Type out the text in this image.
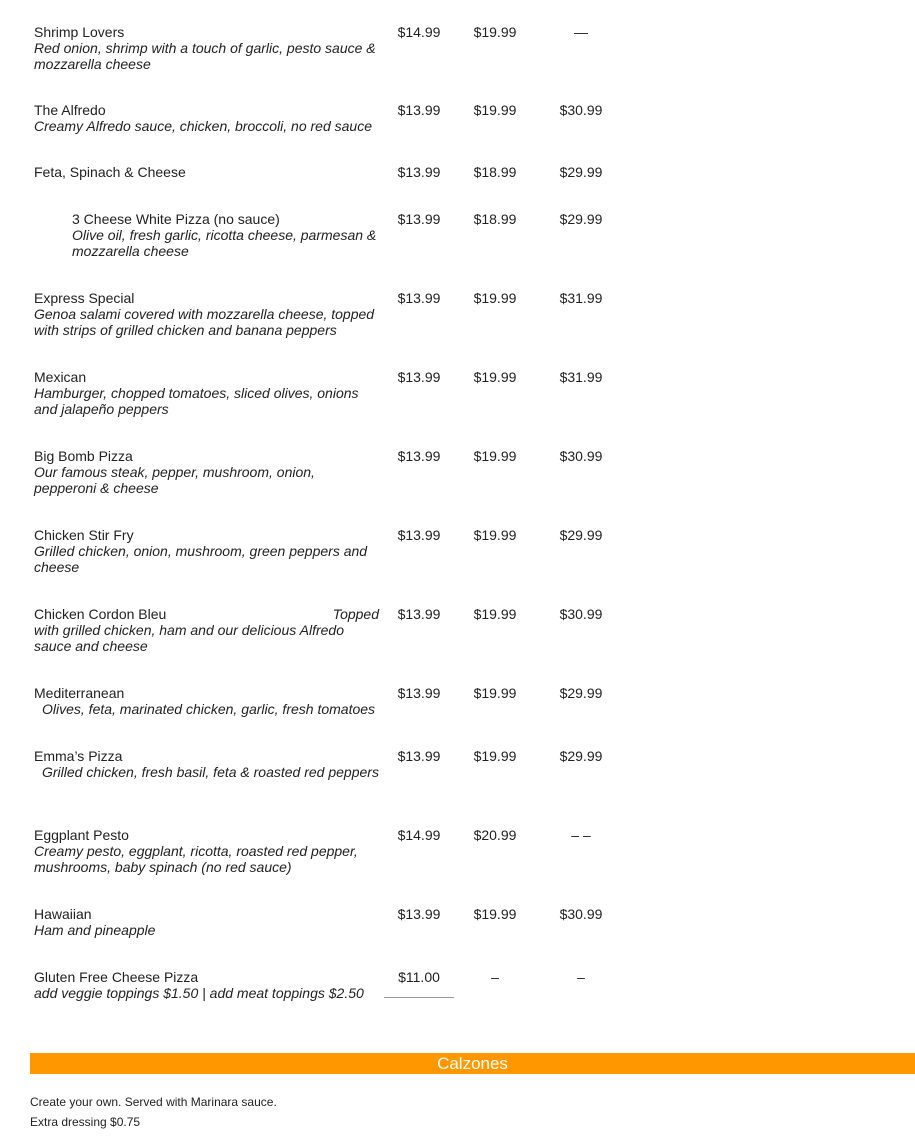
Shrimp Lovers
Red onion, shrimp with a touch of garlic, pesto sauce & mozzarella cheese
$14.99	$19.99	—
The Alfredo
Creamy Alfredo sauce, chicken, broccoli, no red sauce
$13.99	$19.99	$30.99
Feta, Spinach & Cheese	$13.99	$18.99	$29.99
3 Cheese White Pizza (no sauce)
Olive oil, fresh garlic, ricotta cheese, parmesan & mozzarella cheese
$13.99	$18.99	$29.99
Express Special
Genoa salami covered with mozzarella cheese, topped with strips of grilled chicken and banana peppers
$13.99	$19.99	$31.99
Mexican
Hamburger, chopped tomatoes, sliced olives, onions and jalapeño peppers
$13.99	$19.99	$31.99
Big Bomb Pizza
Our famous steak, pepper, mushroom, onion, pepperoni & cheese
$13.99	$19.99	$30.99
Chicken Stir Fry
Grilled chicken, onion, mushroom, green peppers and cheese
$13.99	$19.99	$29.99
Chicken Cordon Bleu	Topped
with grilled chicken, ham and our delicious Alfredo sauce and cheese
$13.99	$19.99	$30.99
Mediterranean
Olives, feta, marinated chicken, garlic, fresh tomatoes
$13.99	$19.99	$29.99
Emma’s Pizza
Grilled chicken, fresh basil, feta & roasted red peppers
$13.99	$19.99	$29.99
Eggplant Pesto
Creamy pesto, eggplant, ricotta, roasted red pepper, mushrooms, baby spinach (no red sauce)
$14.99	$20.99	– –
Hawaiian
Ham and pineapple
$13.99	$19.99	$30.99
Gluten Free Cheese Pizza
add veggie toppings $1.50 | add meat toppings $2.50
$11.00	–	–
Calzones
Create your own. Served with Marinara sauce.
Extra dressing $0.75
